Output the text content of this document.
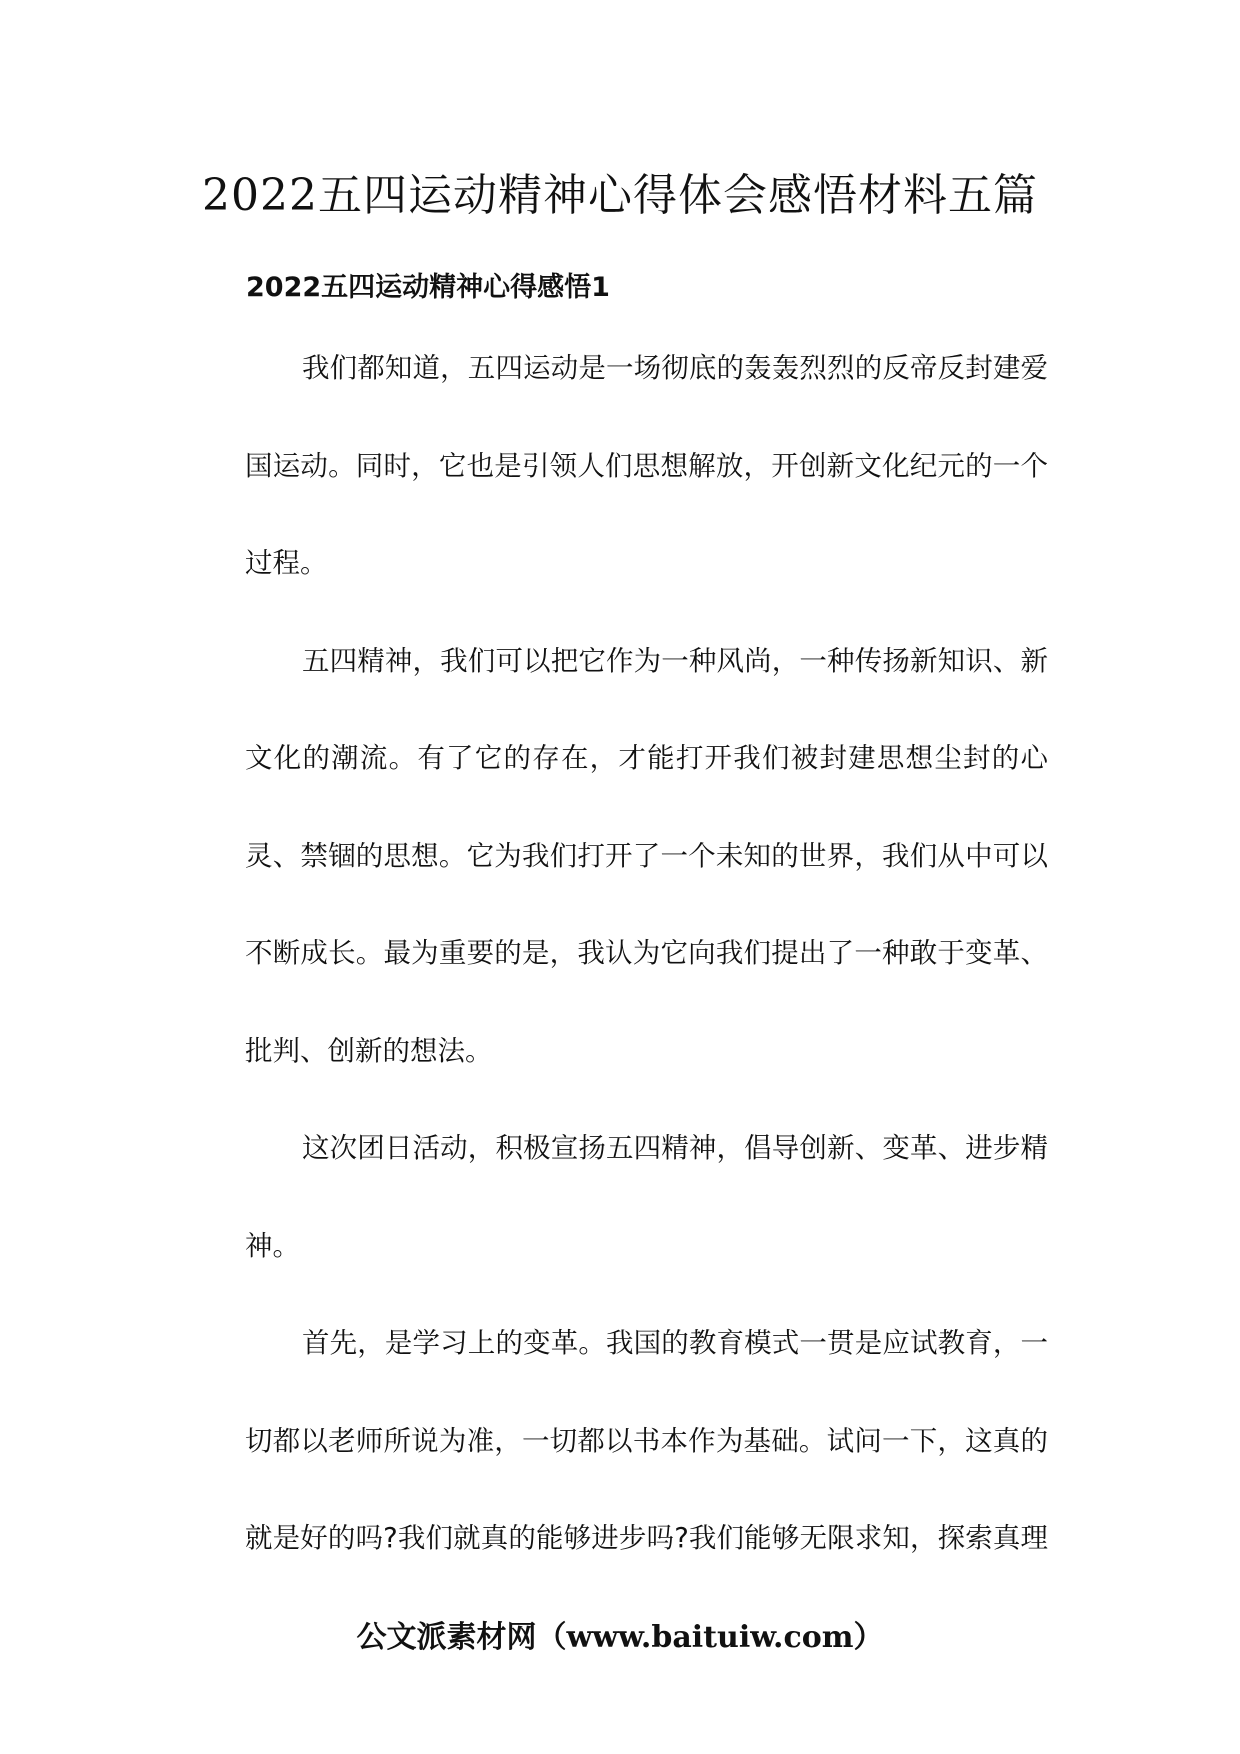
2022五四运动精神心得体会感悟材料五篇
2022五四运动精神心得感悟1
我们都知道，五四运动是一场彻底的轰轰烈烈的反帝反封建爱
国运动。同时，它也是引领人们思想解放，开创新文化纪元的一个
过程。
五四精神，我们可以把它作为一种风尚，一种传扬新知识、新
文化的潮流。有了它的存在，才能打开我们被封建思想尘封的心
灵、禁锢的思想。它为我们打开了一个未知的世界，我们从中可以
不断成长。最为重要的是，我认为它向我们提出了一种敢于变革、
批判、创新的想法。
这次团日活动，积极宣扬五四精神，倡导创新、变革、进步精
神。
首先，是学习上的变革。我国的教育模式一贯是应试教育，一
切都以老师所说为准，一切都以书本作为基础。试问一下，这真的
就是好的吗?我们就真的能够进步吗?我们能够无限求知，探索真理
公文派素材网（www.baituiw.com）
